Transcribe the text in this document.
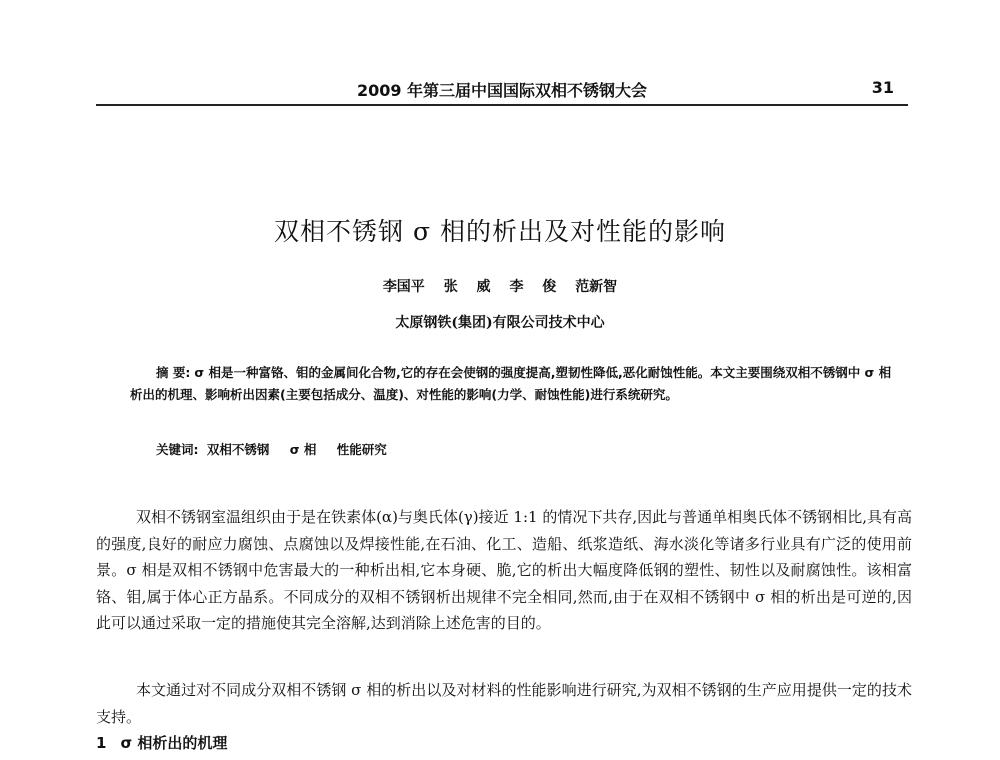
2009 年第三届中国国际双相不锈钢大会	31
双相不锈钢 σ 相的析出及对性能的影响
李国平 张 威 李 俊 范新智
太原钢铁(集团)有限公司技术中心
摘 要: σ 相是一种富铬、钼的金属间化合物,它的存在会使钢的强度提高,塑韧性降低,恶化耐蚀性能。本文主要围绕双相不锈钢中 σ 相析出的机理、影响析出因素(主要包括成分、温度)、对性能的影响(力学、耐蚀性能)进行系统研究。
关键词: 双相不锈钢 σ 相 性能研究

双相不锈钢室温组织由于是在铁素体(α)与奥氏体(γ)接近 1:1 的情况下共存,因此与普通单相奥氏体不锈钢相比,具有高的强度,良好的耐应力腐蚀、点腐蚀以及焊接性能,在石油、化工、造船、纸浆造纸、海水淡化等诸多行业具有广泛的使用前景。σ 相是双相不锈钢中危害最大的一种析出相,它本身硬、脆,它的析出大幅度降低钢的塑性、韧性以及耐腐蚀性。该相富铬、钼,属于体心正方晶系。不同成分的双相不锈钢析出规律不完全相同,然而,由于在双相不锈钢中 σ 相的析出是可逆的,因此可以通过采取一定的措施使其完全溶解,达到消除上述危害的目的。

本文通过对不同成分双相不锈钢 σ 相的析出以及对材料的性能影响进行研究,为双相不锈钢的生产应用提供一定的技术支持。

1 σ 相析出的机理
